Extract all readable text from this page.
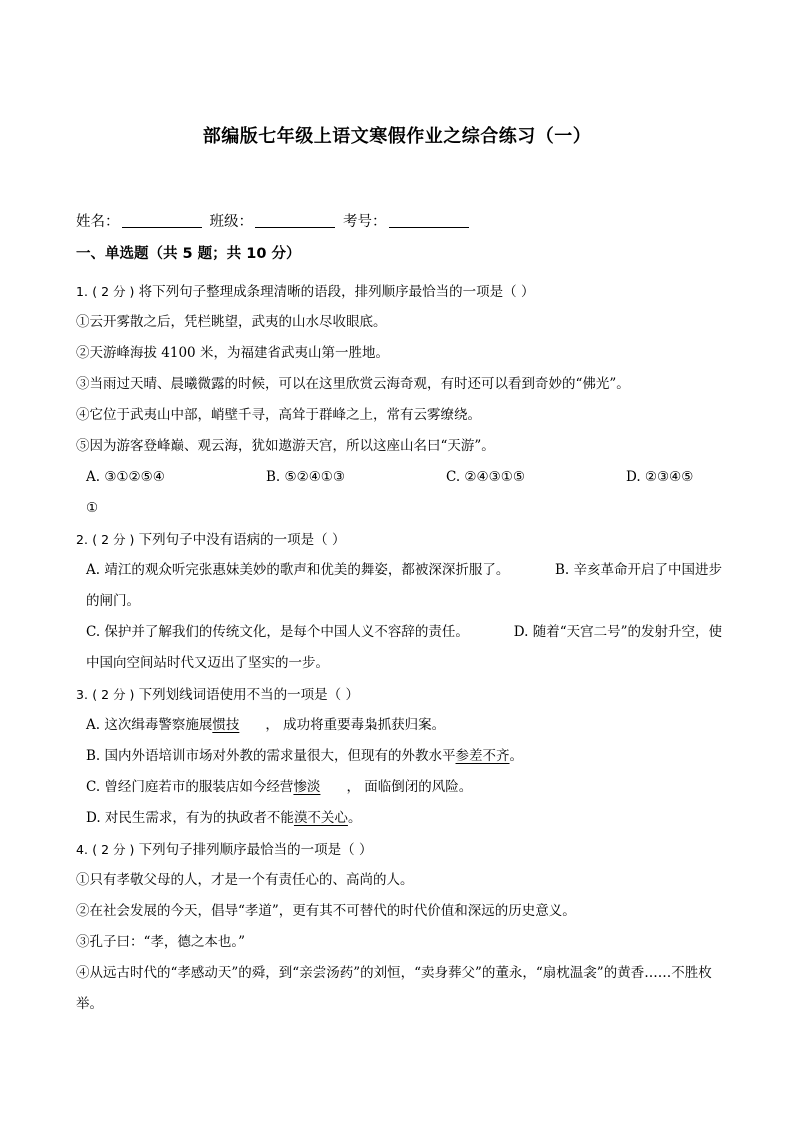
部编版七年级上语文寒假作业之综合练习（一）
姓名：	班级：	考号：
一、单选题（共 5 题；共 10 分）
1. ( 2 分 ) 将下列句子整理成条理清晰的语段，排列顺序最恰当的一项是（ ）
①云开雾散之后，凭栏眺望，武夷的山水尽收眼底。
②天游峰海拔 4100 米，为福建省武夷山第一胜地。
③当雨过天晴、晨曦微露的时候，可以在这里欣赏云海奇观，有时还可以看到奇妙的“佛光”。
④它位于武夷山中部，峭壁千寻，高耸于群峰之上，常有云雾缭绕。
⑤因为游客登峰巅、观云海，犹如遨游天宫，所以这座山名曰“天游”。
A. ③①②⑤④	B. ⑤②④①③	C. ②④③①⑤	D. ②③④⑤
①
2. ( 2 分 ) 下列句子中没有语病的一项是（ ）
A. 靖江的观众听完张惠妹美妙的歌声和优美的舞姿，都被深深折服了。	B. 辛亥革命开启了中国进步
的闸门。
C. 保护并了解我们的传统文化，是每个中国人义不容辞的责任。	D. 随着“天宫二号”的发射升空，使
中国向空间站时代又迈出了坚实的一步。
3. ( 2 分 ) 下列划线词语使用不当的一项是（ ）
A. 这次缉毒警察施展惯技 ， 成功将重要毒枭抓获归案。
B. 国内外语培训市场对外教的需求量很大，但现有的外教水平参差不齐。
C. 曾经门庭若市的服装店如今经营惨淡 ， 面临倒闭的风险。
D. 对民生需求，有为的执政者不能漠不关心。
4. ( 2 分 ) 下列句子排列顺序最恰当的一项是（ ）
①只有孝敬父母的人，才是一个有责任心的、高尚的人。
②在社会发展的今天，倡导“孝道”，更有其不可替代的时代价值和深远的历史意义。
③孔子曰：“孝，德之本也。”
④从远古时代的“孝感动天”的舜，到“亲尝汤药”的刘恒，“卖身葬父”的董永，“扇枕温衾”的黄香……不胜枚
举。
